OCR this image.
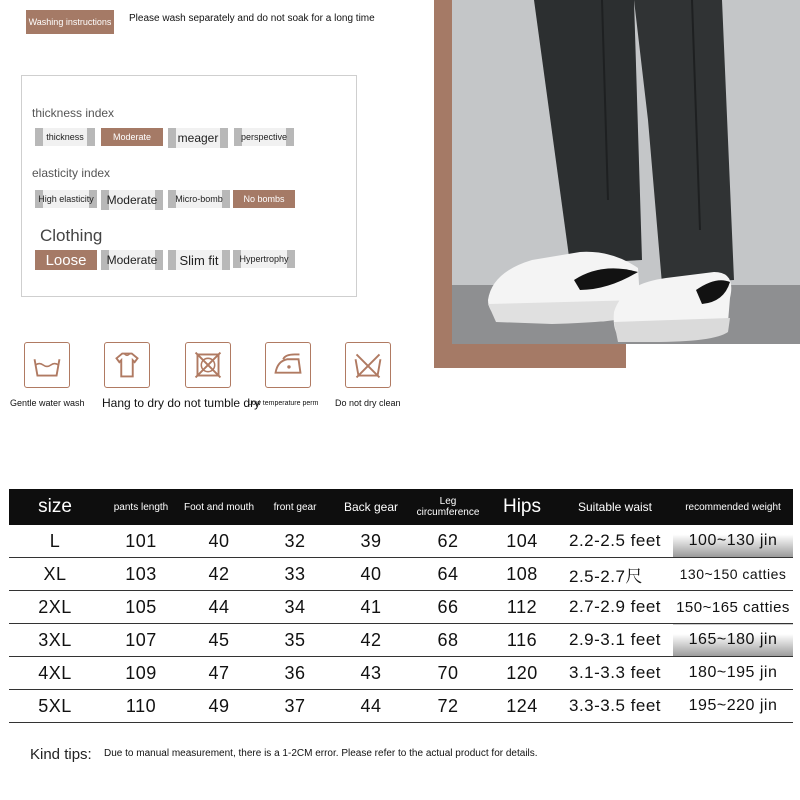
Washing instructions Please wash separately and do not soak for a long time
thickness index
thickness	Moderate	meager	perspective
elasticity index
High elasticity	Moderate	Micro-bomb	No bombs
Clothing
Loose	Moderate	Slim fit	Hypertrophy
Gentle water wash Hang to dry do not tumble dry
Low temperature perm Do not dry clean
size	pants length	Foot and mouth	front gear	Back gear	Leg circumference	Hips	Suitable waist	recommended weight
L	101	40	32	39	62	104	2.2-2.5 feet	100~130 jin
XL	103	42	33	40	64	108	2.5-2.7尺	130~150 catties
2XL	105	44	34	41	66	112	2.7-2.9 feet	150~165 catties
3XL	107	45	35	42	68	116	2.9-3.1 feet	165~180 jin
4XL	109	47	36	43	70	120	3.1-3.3 feet	180~195 jin
5XL	110	49	37	44	72	124	3.3-3.5 feet	195~220 jin
Kind tips: Due to manual measurement, there is a 1-2CM error. Please refer to the actual product for details.
